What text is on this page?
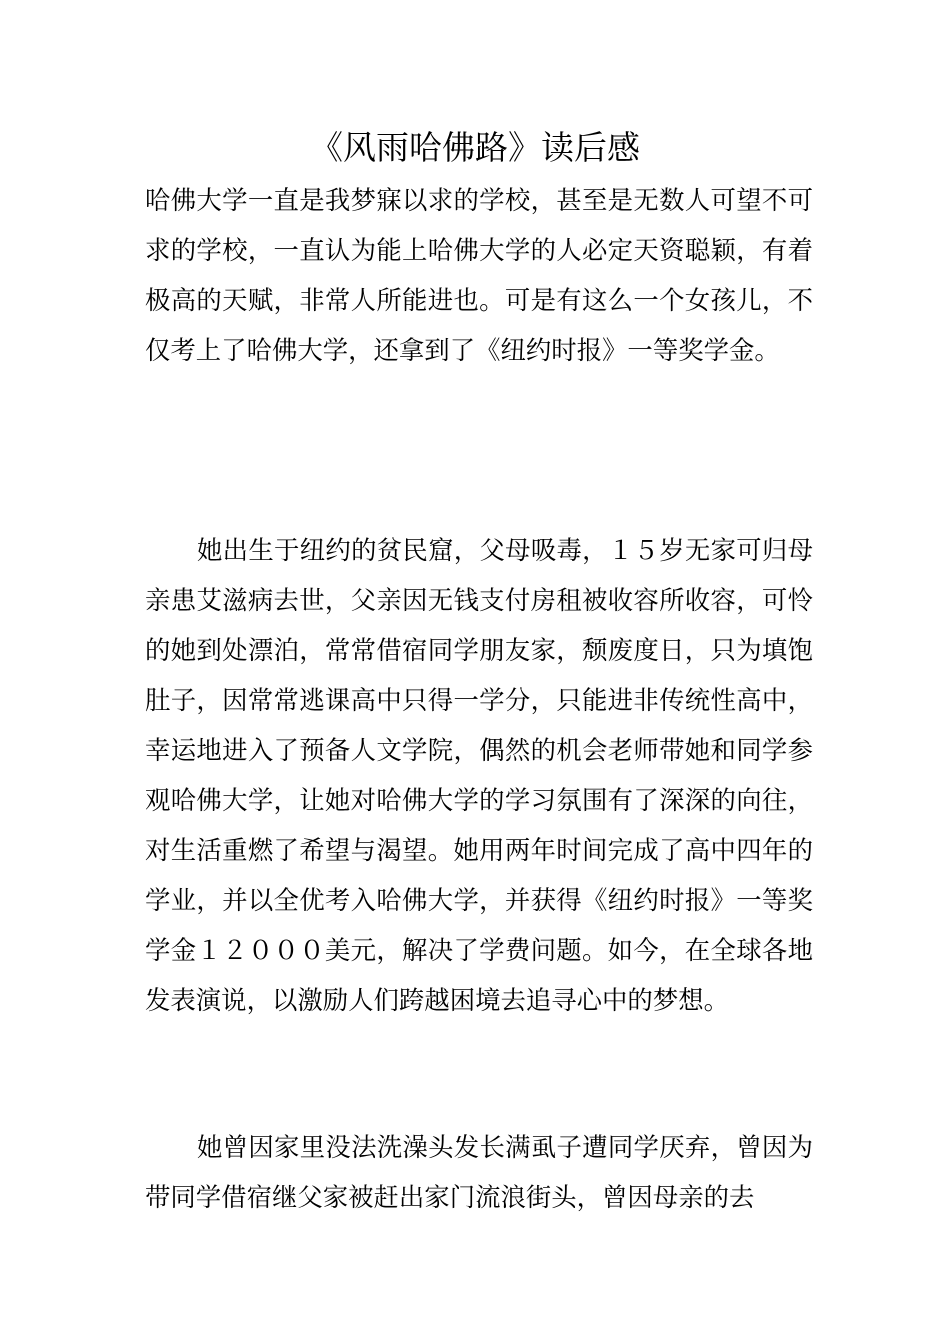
《风雨哈佛路》读后感

哈佛大学一直是我梦寐以求的学校，甚至是无数人可望不可求的学校，一直认为能上哈佛大学的人必定天资聪颖，有着极高的天赋，非常人所能进也。可是有这么一个女孩儿，不仅考上了哈佛大学，还拿到了《纽约时报》一等奖学金。

她出生于纽约的贫民窟，父母吸毒，１５岁无家可归母亲患艾滋病去世，父亲因无钱支付房租被收容所收容，可怜的她到处漂泊，常常借宿同学朋友家，颓废度日，只为填饱肚子，因常常逃课高中只得一学分，只能进非传统性高中，幸运地进入了预备人文学院，偶然的机会老师带她和同学参观哈佛大学，让她对哈佛大学的学习氛围有了深深的向往，对生活重燃了希望与渴望。她用两年时间完成了高中四年的学业，并以全优考入哈佛大学，并获得《纽约时报》一等奖学金１２０００美元，解决了学费问题。如今，在全球各地发表演说，以激励人们跨越困境去追寻心中的梦想。

她曾因家里没法洗澡头发长满虱子遭同学厌弃，曾因为带同学借宿继父家被赶出家门流浪街头，曾因母亲的去
